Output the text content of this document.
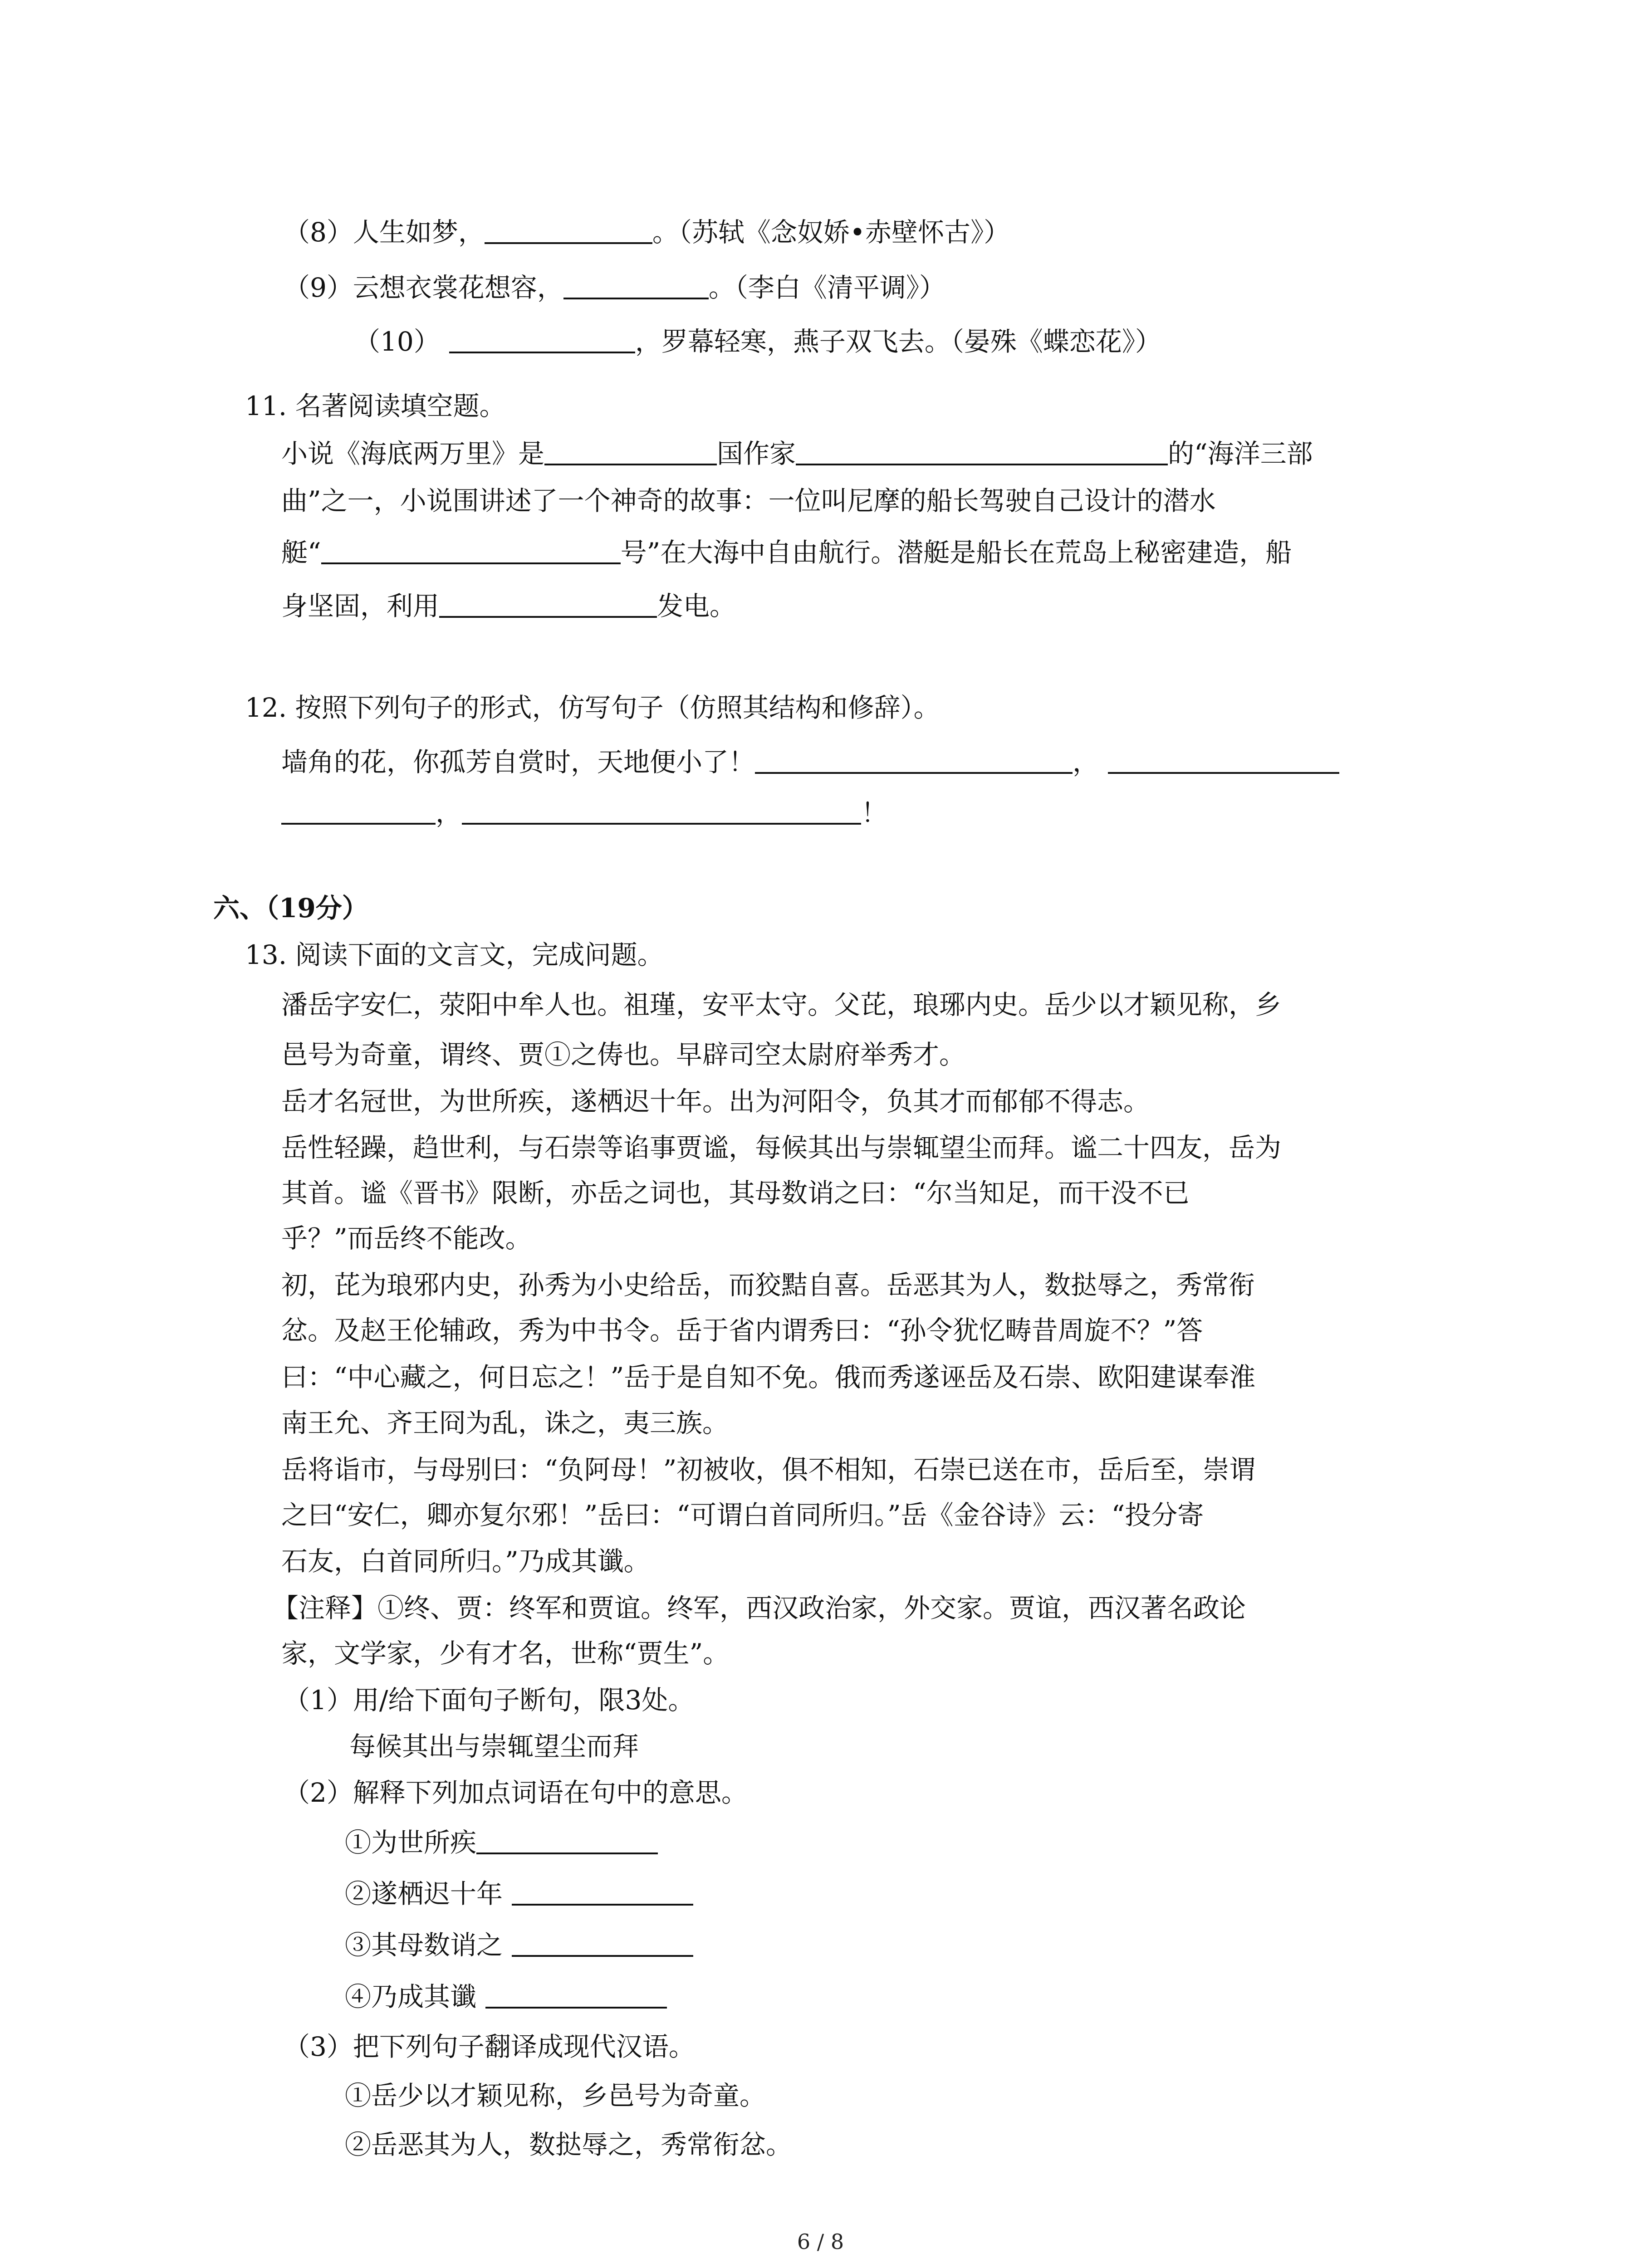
（8）人生如梦，	。（苏轼《念奴娇•赤壁怀古》）
（9）云想衣裳花想容，	。（李白《清平调》）
（10）	，罗幕轻寒，燕子双飞去。（晏殊《蝶恋花》）
11. 名著阅读填空题。
小说《海底两万里》是	国作家	的“海洋三部
曲”之一，小说围讲述了一个神奇的故事：一位叫尼摩的船长驾驶自己设计的潜水
艇“	号”在大海中自由航行。潜艇是船长在荒岛上秘密建造，船
身坚固，利用	发电。
12. 按照下列句子的形式，仿写句子（仿照其结构和修辞）。
墙角的花，你孤芳自赏时，天地便小了！	，
，	！
六、（19分）
13. 阅读下面的文言文，完成问题。
潘岳字安仁，荥阳中牟人也。祖瑾，安平太守。父芘，琅琊内史。岳少以才颖见称，乡
邑号为奇童，谓终、贾①之俦也。早辟司空太尉府举秀才。
岳才名冠世，为世所疾，遂栖迟十年。出为河阳令，负其才而郁郁不得志。
岳性轻躁，趋世利，与石崇等谄事贾谧，每候其出与崇辄望尘而拜。谧二十四友，岳为
其首。谧《晋书》限断，亦岳之词也，其母数诮之曰：“尔当知足，而干没不已
乎？”而岳终不能改。
初，芘为琅邪内史，孙秀为小史给岳，而狡黠自喜。岳恶其为人，数挞辱之，秀常衔
忿。及赵王伦辅政，秀为中书令。岳于省内谓秀曰：“孙令犹忆畴昔周旋不？”答
曰：“中心藏之，何日忘之！”岳于是自知不免。俄而秀遂诬岳及石崇、欧阳建谋奉淮
南王允、齐王冏为乱，诛之，夷三族。
岳将诣市，与母别曰：“负阿母！”初被收，俱不相知，石崇已送在市，岳后至，崇谓
之曰“安仁，卿亦复尔邪！”岳曰：“可谓白首同所归。”岳《金谷诗》云：“投分寄
石友，白首同所归。”乃成其谶。
【注释】①终、贾：终军和贾谊。终军，西汉政治家，外交家。贾谊，西汉著名政论
家，文学家，少有才名，世称“贾生”。
（1）用/给下面句子断句，限3处。
每候其出与崇辄望尘而拜
（2）解释下列加点词语在句中的意思。
①为世所疾
②遂栖迟十年
③其母数诮之
④乃成其谶
（3）把下列句子翻译成现代汉语。
①岳少以才颖见称，乡邑号为奇童。
②岳恶其为人，数挞辱之，秀常衔忿。
6 / 8
